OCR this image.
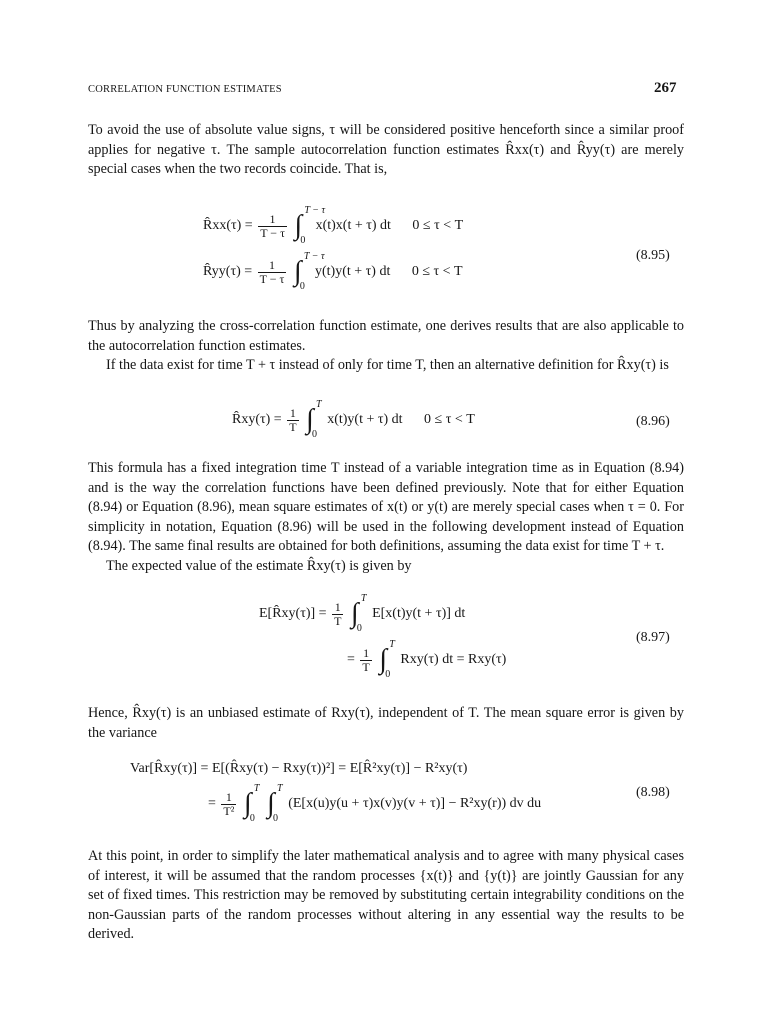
CORRELATION FUNCTION ESTIMATES	267

To avoid the use of absolute value signs, τ will be considered positive henceforth since a similar proof applies for negative τ. The sample autocorrelation function estimates R̂xx(τ) and R̂yy(τ) are merely special cases when the two records coincide. That is,

R̂xx(τ) = $\frac{1}{T - \tau}$ ∫ T − τ
0
x(t)x(t + τ) dt 0 ≤ τ < T
R̂yy(τ) = $\frac{1}{T - \tau}$ ∫ T − τ
0
y(t)y(t + τ) dt 0 ≤ τ < T
(8.95)

Thus by analyzing the cross-correlation function estimate, one derives results that are also applicable to the autocorrelation function estimates.

If the data exist for time T + τ instead of only for time T, then an alternative definition for R̂xy(τ) is

R̂xy(τ) = $\frac{1}{T}$ ∫ T
0
x(t)y(t + τ) dt 0 ≤ τ < T	(8.96)

This formula has a fixed integration time T instead of a variable integration time as in Equation (8.94) and is the way the correlation functions have been defined previously. Note that for either Equation (8.94) or Equation (8.96), mean square estimates of x(t) or y(t) are merely special cases when τ = 0. For simplicity in notation, Equation (8.96) will be used in the following development instead of Equation (8.94). The same final results are obtained for both definitions, assuming the data exist for time T + τ.

The expected value of the estimate R̂xy(τ) is given by

E[R̂xy(τ)] = $\frac{1}{T}$ ∫ T
0
E[x(t)y(t + τ)] dt
= $\frac{1}{T}$ ∫ T
0
Rxy(τ) dt = Rxy(τ)
(8.97)

Hence, R̂xy(τ) is an unbiased estimate of Rxy(τ), independent of T. The mean square error is given by the variance

Var[R̂xy(τ)] = E[(R̂xy(τ) − Rxy(τ))²] = E[R̂²xy(τ)] − R²xy(τ)
= $\frac{1}{\text{T²}}$ ∫ T
0 ∫ T
0
(E[x(u)y(u + τ)x(v)y(v + τ)] − R²xy(r)) dv du
(8.98)

At this point, in order to simplify the later mathematical analysis and to agree with many physical cases of interest, it will be assumed that the random processes {x(t)} and {y(t)} are jointly Gaussian for any set of fixed times. This restriction may be removed by substituting certain integrability conditions on the non-Gaussian parts of the random processes without altering in any essential way the results to be derived.
